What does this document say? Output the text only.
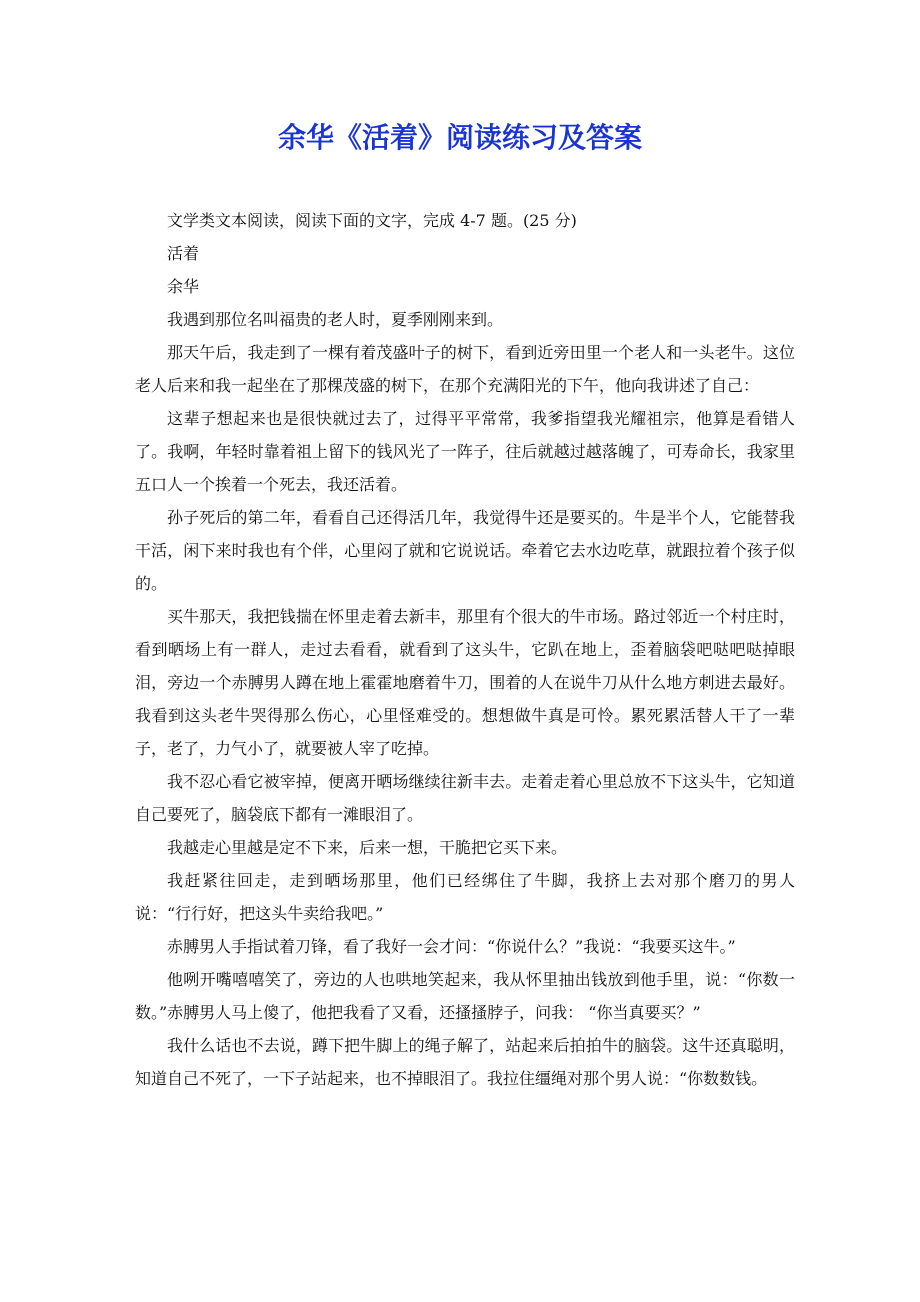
余华《活着》阅读练习及答案

文学类文本阅读，阅读下面的文字，完成 4-7 题。(25 分)

活着

余华

我遇到那位名叫福贵的老人时，夏季刚刚来到。

那天午后，我走到了一棵有着茂盛叶子的树下，看到近旁田里一个老人和一头老牛。这位老人后来和我一起坐在了那棵茂盛的树下，在那个充满阳光的下午，他向我讲述了自己：

这辈子想起来也是很快就过去了，过得平平常常，我爹指望我光耀祖宗，他算是看错人了。我啊，年轻时靠着祖上留下的钱风光了一阵子，往后就越过越落魄了，可寿命长，我家里五口人一个挨着一个死去，我还活着。

孙子死后的第二年，看看自己还得活几年，我觉得牛还是要买的。牛是半个人，它能替我干活，闲下来时我也有个伴，心里闷了就和它说说话。牵着它去水边吃草，就跟拉着个孩子似的。

买牛那天，我把钱揣在怀里走着去新丰，那里有个很大的牛市场。路过邻近一个村庄时，看到晒场上有一群人，走过去看看，就看到了这头牛，它趴在地上，歪着脑袋吧哒吧哒掉眼泪，旁边一个赤膊男人蹲在地上霍霍地磨着牛刀，围着的人在说牛刀从什么地方刺进去最好。我看到这头老牛哭得那么伤心，心里怪难受的。想想做牛真是可怜。累死累活替人干了一辈子，老了，力气小了，就要被人宰了吃掉。

我不忍心看它被宰掉，便离开晒场继续往新丰去。走着走着心里总放不下这头牛，它知道自己要死了，脑袋底下都有一滩眼泪了。

我越走心里越是定不下来，后来一想，干脆把它买下来。

我赶紧往回走，走到晒场那里，他们已经绑住了牛脚，我挤上去对那个磨刀的男人说：“行行好，把这头牛卖给我吧。”

赤膊男人手指试着刀锋，看了我好一会才问：“你说什么？”我说：“我要买这牛。”

他咧开嘴嘻嘻笑了，旁边的人也哄地笑起来，我从怀里抽出钱放到他手里，说：“你数一数。”赤膊男人马上傻了，他把我看了又看，还搔搔脖子，问我： “你当真要买？”

我什么话也不去说，蹲下把牛脚上的绳子解了，站起来后拍拍牛的脑袋。这牛还真聪明，知道自己不死了，一下子站起来，也不掉眼泪了。我拉住缰绳对那个男人说：“你数数钱。
